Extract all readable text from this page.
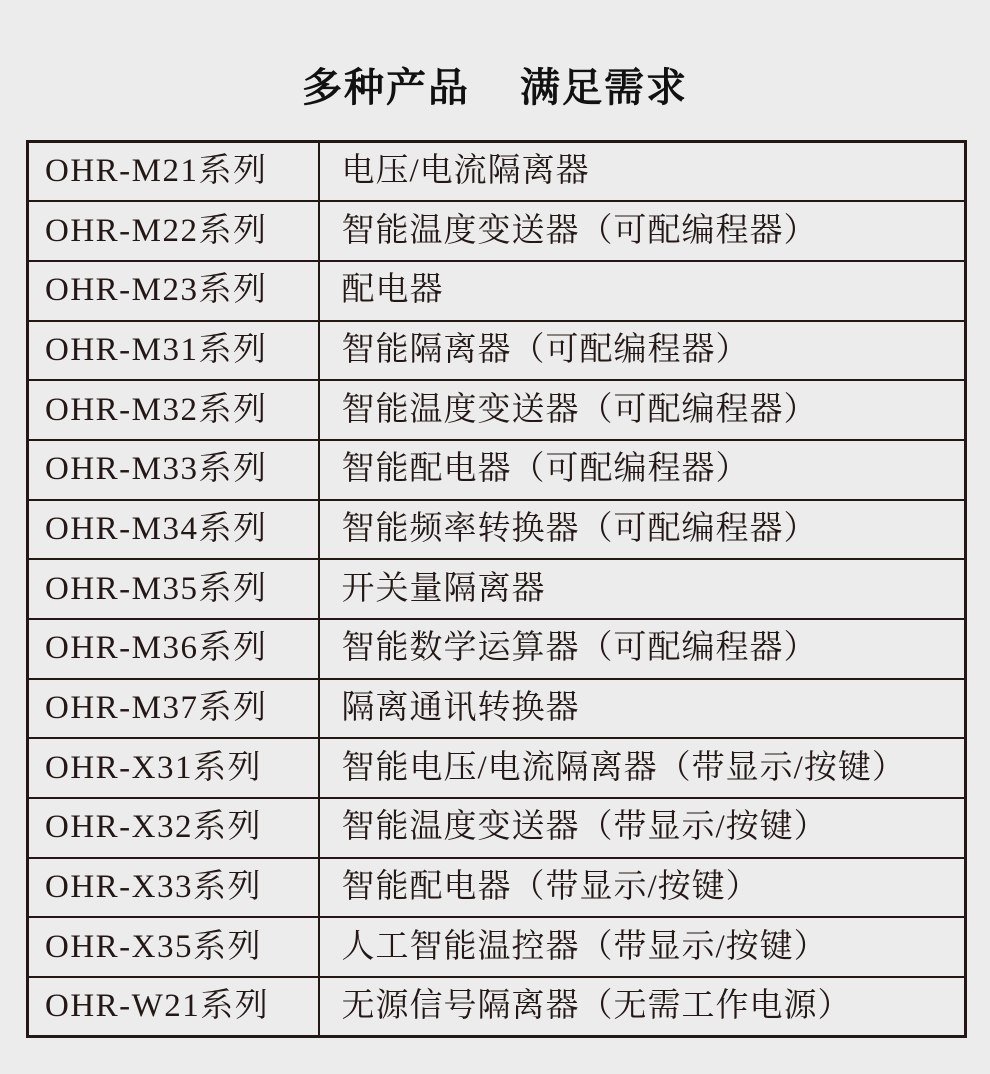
多种产品 满足需求
OHR-M21系列	电压/电流隔离器
OHR-M22系列	智能温度变送器（可配编程器）
OHR-M23系列	配电器
OHR-M31系列	智能隔离器（可配编程器）
OHR-M32系列	智能温度变送器（可配编程器）
OHR-M33系列	智能配电器（可配编程器）
OHR-M34系列	智能频率转换器（可配编程器）
OHR-M35系列	开关量隔离器
OHR-M36系列	智能数学运算器（可配编程器）
OHR-M37系列	隔离通讯转换器
OHR-X31系列	智能电压/电流隔离器（带显示/按键）
OHR-X32系列	智能温度变送器（带显示/按键）
OHR-X33系列	智能配电器（带显示/按键）
OHR-X35系列	人工智能温控器（带显示/按键）
OHR-W21系列	无源信号隔离器（无需工作电源）
